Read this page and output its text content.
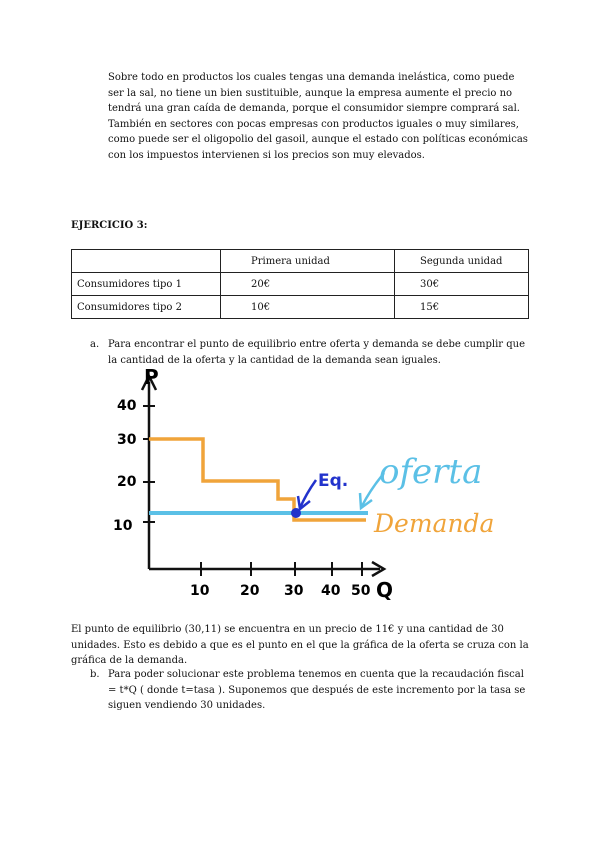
Sobre todo en productos los cuales tengas una demanda inelástica, como puede ser la sal, no tiene un bien sustituible, aunque la empresa aumente el precio no tendrá una gran caída de demanda, porque el consumidor siempre comprará sal.
También en sectores con pocas empresas con productos iguales o muy similares, como puede ser el oligopolio del gasoil, aunque el estado con políticas económicas con los impuestos intervienen si los precios son muy elevados.

EJERCICIO 3:

	Primera unidad	Segunda unidad
Consumidores tipo 1	20€	30€
Consumidores tipo 2	10€	15€
a. Para encontrar el punto de equilibrio entre oferta y demanda se debe cumplir que la cantidad de la oferta y la cantidad de la demanda sean iguales.
P
Q
40
30
20
10
10 20 30 40 50
Eq. oferta
Demanda

El punto de equilibrio (30,11) se encuentra en un precio de 11€ y una cantidad de 30 unidades. Esto es debido a que es el punto en el que la gráfica de la oferta se cruza con la gráfica de la demanda.

b. Para poder solucionar este problema tenemos en cuenta que la recaudación fiscal = t*Q ( donde t=tasa ). Suponemos que después de este incremento por la tasa se siguen vendiendo 30 unidades.
